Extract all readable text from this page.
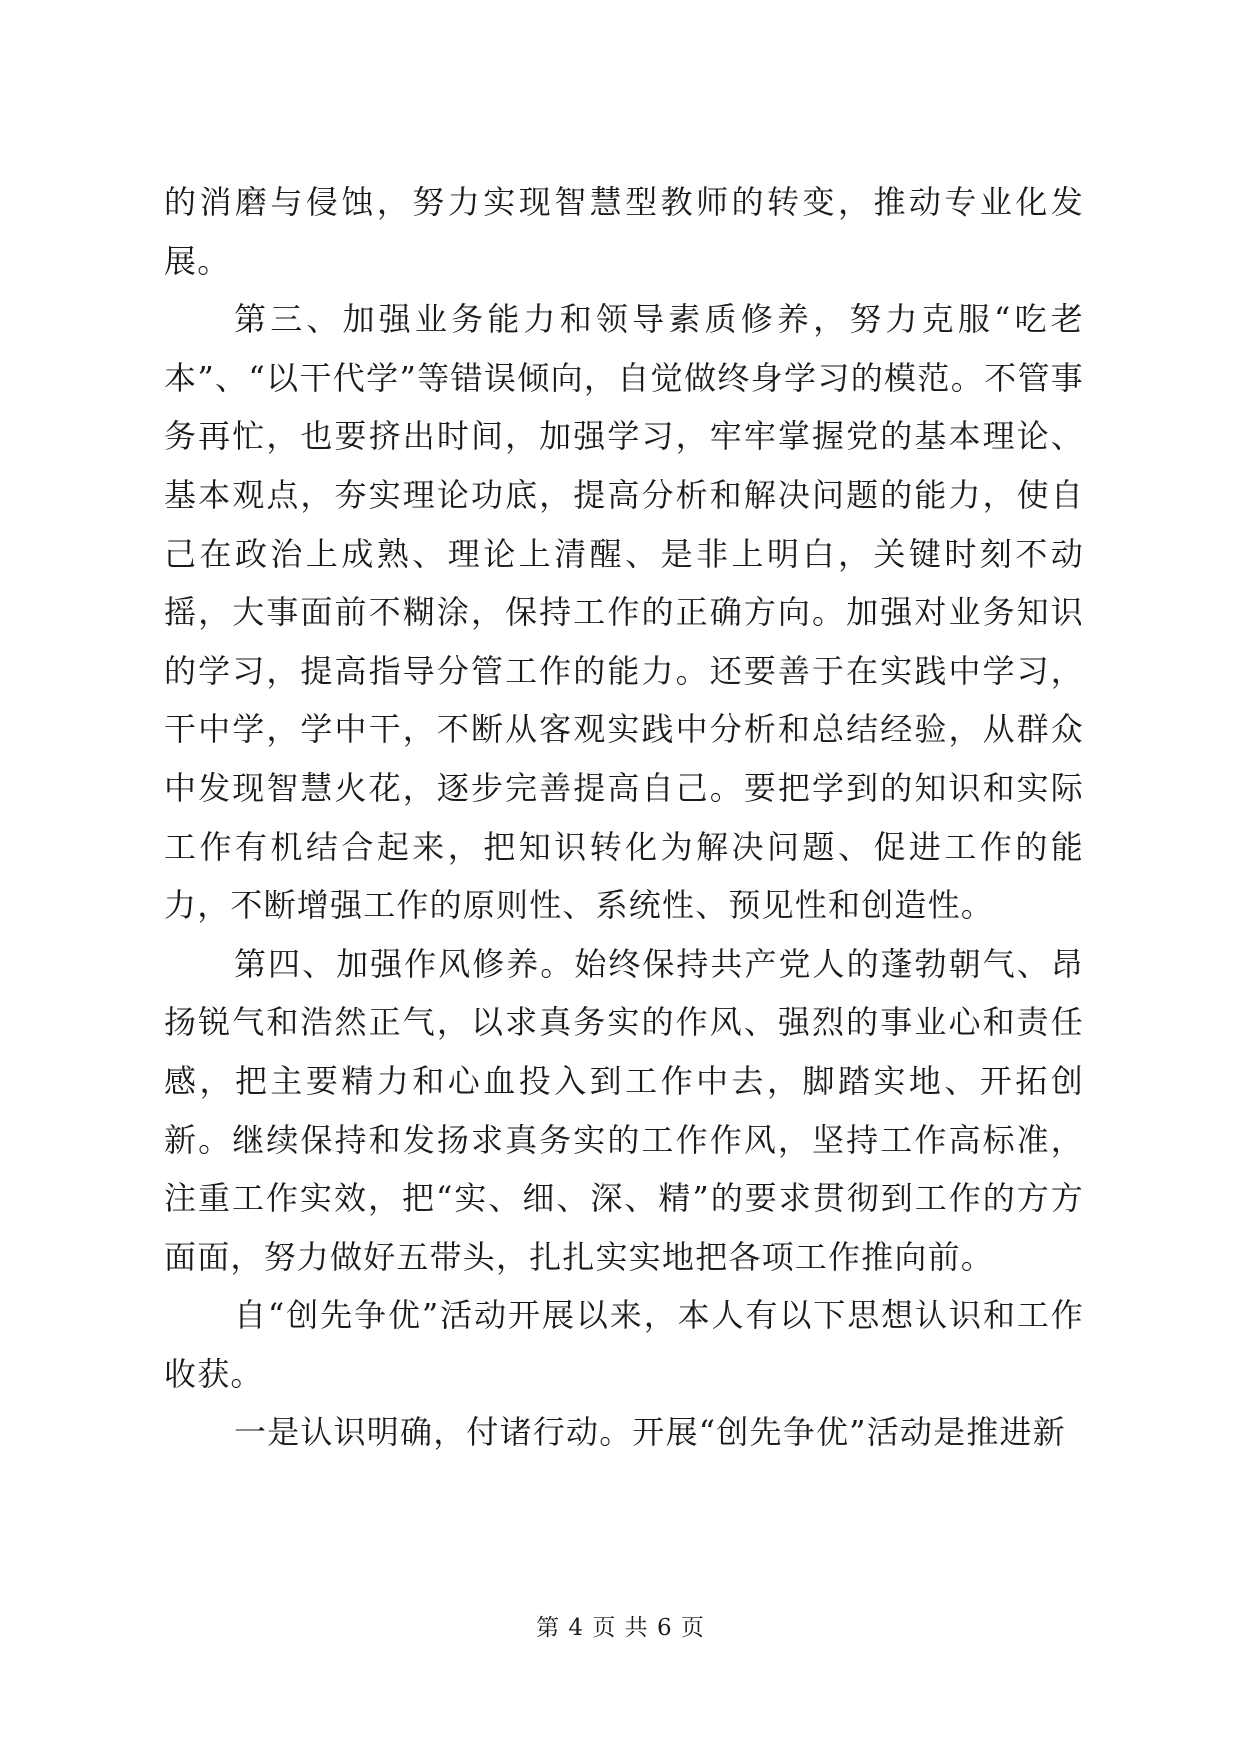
的消磨与侵蚀，努力实现智慧型教师的转变，推动专业化发展。

第三、加强业务能力和领导素质修养，努力克服“吃老本”、“以干代学”等错误倾向，自觉做终身学习的模范。不管事务再忙，也要挤出时间，加强学习，牢牢掌握党的基本理论、基本观点，夯实理论功底，提高分析和解决问题的能力，使自己在政治上成熟、理论上清醒、是非上明白，关键时刻不动摇，大事面前不糊涂，保持工作的正确方向。加强对业务知识的学习，提高指导分管工作的能力。还要善于在实践中学习，干中学，学中干，不断从客观实践中分析和总结经验，从群众中发现智慧火花，逐步完善提高自己。要把学到的知识和实际工作有机结合起来，把知识转化为解决问题、促进工作的能力，不断增强工作的原则性、系统性、预见性和创造性。

第四、加强作风修养。始终保持共产党人的蓬勃朝气、昂扬锐气和浩然正气，以求真务实的作风、强烈的事业心和责任感，把主要精力和心血投入到工作中去，脚踏实地、开拓创新。继续保持和发扬求真务实的工作作风，坚持工作高标准，注重工作实效，把“实、细、深、精”的要求贯彻到工作的方方面面，努力做好五带头，扎扎实实地把各项工作推向前。

自“创先争优”活动开展以来，本人有以下思想认识和工作收获。

一是认识明确，付诸行动。开展“创先争优”活动是推进新

第 4 页 共 6 页
